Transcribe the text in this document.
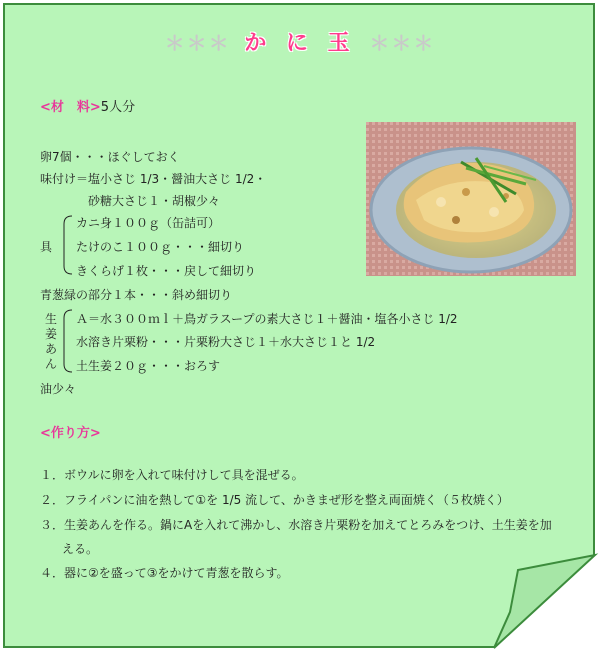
＊＊＊ か に 玉 ＊＊＊
<材　料>5人分
卵7個・・・ほぐしておく
味付け＝塩小さじ 1/3・醤油大さじ 1/2・
砂糖大さじ１・胡椒少々
具
カニ身１００ｇ（缶詰可）
たけのこ１００ｇ・・・細切り
きくらげ１枚・・・戻して細切り
青葱緑の部分１本・・・斜め細切り
生
姜
あ
ん
Ａ＝水３００ｍｌ＋鳥ガラスープの素大さじ１＋醤油・塩各小さじ 1/2
水溶き片栗粉・・・片栗粉大さじ１＋水大さじ１と 1/2
土生姜２０ｇ・・・おろす
油少々
<作り方>
１．ボウルに卵を入れて味付けして具を混ぜる。
２．フライパンに油を熱して①を 1/5 流して、かきまぜ形を整え両面焼く（５枚焼く）
３．生姜あんを作る。鍋にAを入れて沸かし、水溶き片栗粉を加えてとろみをつけ、土生姜を加
える。
４．器に②を盛って③をかけて青葱を散らす。
